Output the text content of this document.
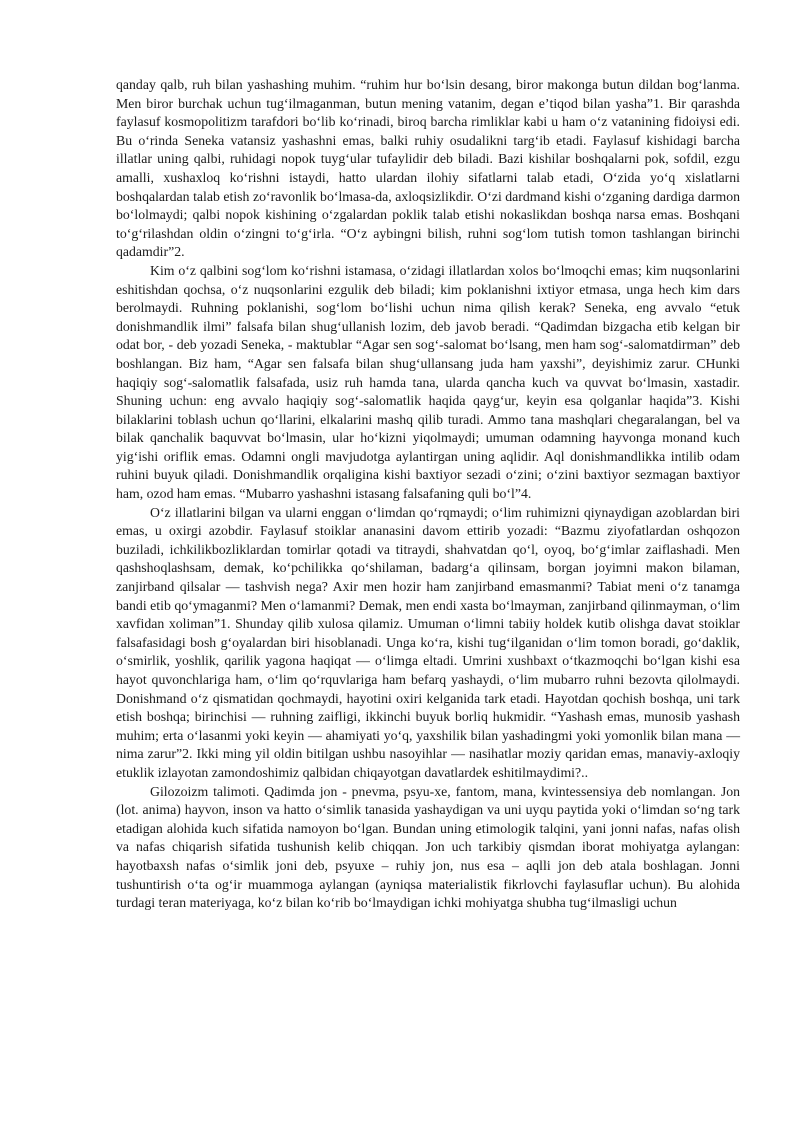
qanday qalb, ruh bilan yashashing muhim. “ruhim hur boʻlsin desang, biror makonga butun dildan bogʻlanma. Men biror burchak uchun tugʻilmaganman, butun mening vatanim, degan eʼtiqod bilan yasha”1. Bir qarashda faylasuf kosmopolitizm tarafdori boʻlib koʻrinadi, biroq barcha rimliklar kabi u ham oʻz vatanining fidoiysi edi. Bu oʻrinda Seneka vatansiz yashashni emas, balki ruhiy osudalikni targʻib etadi. Faylasuf kishidagi barcha illatlar uning qalbi, ruhidagi nopok tuygʻular tufaylidir deb biladi. Bazi kishilar boshqalarni pok, sofdil, ezgu amalli, xushaxloq koʻrishni istaydi, hatto ulardan ilohiy sifatlarni talab etadi, Oʻzida yoʻq xislatlarni boshqalardan talab etish zoʻravonlik boʻlmasa-da, axloqsizlikdir. Oʻzi dardmand kishi oʻzganing dardiga darmon boʻlolmaydi; qalbi nopok kishining oʻzgalardan poklik talab etishi nokaslikdan boshqa narsa emas. Boshqani toʻgʻrilashdan oldin oʻzingni toʻgʻirla. “Oʻz aybingni bilish, ruhni sogʻlom tutish tomon tashlangan birinchi qadamdir”2.

Kim oʻz qalbini sogʻlom koʻrishni istamasa, oʻzidagi illatlardan xolos boʻlmoqchi emas; kim nuqsonlarini eshitishdan qochsa, oʻz nuqsonlarini ezgulik deb biladi; kim poklanishni ixtiyor etmasa, unga hech kim dars berolmaydi. Ruhning poklanishi, sogʻlom boʻlishi uchun nima qilish kerak? Seneka, eng avvalo “etuk donishmandlik ilmi” falsafa bilan shugʻullanish lozim, deb javob beradi. “Qadimdan bizgacha etib kelgan bir odat bor, - deb yozadi Seneka, - maktublar “Agar sen sogʻ-salomat boʻlsang, men ham sogʻ-salomatdirman” deb boshlangan. Biz ham, “Agar sen falsafa bilan shugʻullansang juda ham yaxshi”, deyishimiz zarur. CHunki haqiqiy sogʻ-salomatlik falsafada, usiz ruh hamda tana, ularda qancha kuch va quvvat boʻlmasin, xastadir. Shuning uchun: eng avvalo haqiqiy sogʻ-salomatlik haqida qaygʻur, keyin esa qolganlar haqida”3. Kishi bilaklarini toblash uchun qoʻllarini, elkalarini mashq qilib turadi. Ammo tana mashqlari chegaralangan, bel va bilak qanchalik baquvvat boʻlmasin, ular hoʻkizni yiqolmaydi; umuman odamning hayvonga monand kuch yigʻishi oriflik emas. Odamni ongli mavjudotga aylantirgan uning aqlidir. Aql donishmandlikka intilib odam ruhini buyuk qiladi. Donishmandlik orqaligina kishi baxtiyor sezadi oʻzini; oʻzini baxtiyor sezmagan baxtiyor ham, ozod ham emas. “Mubarro yashashni istasang falsafaning quli boʻl”4.

Oʻz illatlarini bilgan va ularni enggan oʻlimdan qoʻrqmaydi; oʻlim ruhimizni qiynaydigan azoblardan biri emas, u oxirgi azobdir. Faylasuf stoiklar ananasini davom ettirib yozadi: “Bazmu ziyofatlardan oshqozon buziladi, ichkilikbozliklardan tomirlar qotadi va titraydi, shahvatdan qoʻl, oyoq, boʻgʻimlar zaiflashadi. Men qashshoqlashsam, demak, koʻpchilikka qoʻshilaman, badargʻa qilinsam, borgan joyimni makon bilaman, zanjirband qilsalar — tashvish nega? Axir men hozir ham zanjirband emasmanmi? Tabiat meni oʻz tanamga bandi etib qoʻymaganmi? Men oʻlamanmi? Demak, men endi xasta boʻlmayman, zanjirband qilinmayman, oʻlim xavfidan xoliman”1. Shunday qilib xulosa qilamiz. Umuman oʻlimni tabiiy holdek kutib olishga davat stoiklar falsafasidagi bosh gʻoyalardan biri hisoblanadi. Unga koʻra, kishi tugʻilganidan oʻlim tomon boradi, goʻdaklik, oʻsmirlik, yoshlik, qarilik yagona haqiqat — oʻlimga eltadi. Umrini xushbaxt oʻtkazmoqchi boʻlgan kishi esa hayot quvonchlariga ham, oʻlim qoʻrquvlariga ham befarq yashaydi, oʻlim mubarro ruhni bezovta qilolmaydi. Donishmand oʻz qismatidan qochmaydi, hayotini oxiri kelganida tark etadi. Hayotdan qochish boshqa, uni tark etish boshqa; birinchisi — ruhning zaifligi, ikkinchi buyuk borliq hukmidir. “Yashash emas, munosib yashash muhim; erta oʻlasanmi yoki keyin — ahamiyati yoʻq, yaxshilik bilan yashadingmi yoki yomonlik bilan mana — nima zarur”2. Ikki ming yil oldin bitilgan ushbu nasoyihlar — nasihatlar moziy qaridan emas, manaviy-axloqiy etuklik izlayotan zamondoshimiz qalbidan chiqayotgan davatlardek eshitilmaydimi?..

Gilozoizm talimoti. Qadimda jon - pnevma, psyu-xe, fantom, mana, kvintessensiya deb nomlangan. Jon (lot. anima) hayvon, inson va hatto oʻsimlik tanasida yashaydigan va uni uyqu paytida yoki oʻlimdan soʻng tark etadigan alohida kuch sifatida namoyon boʻlgan. Bundan uning etimologik talqini, yani jonni nafas, nafas olish va nafas chiqarish sifatida tushunish kelib chiqqan. Jon uch tarkibiy qismdan iborat mohiyatga aylangan: hayotbaxsh nafas oʻsimlik joni deb, psyuxe – ruhiy jon, nus esa – aqlli jon deb atala boshlagan. Jonni tushuntirish oʻta ogʻir muammoga aylangan (ayniqsa materialistik fikrlovchi faylasuflar uchun). Bu alohida turdagi teran materiyaga, koʻz bilan koʻrib boʻlmaydigan ichki mohiyatga shubha tugʻilmasligi uchun
